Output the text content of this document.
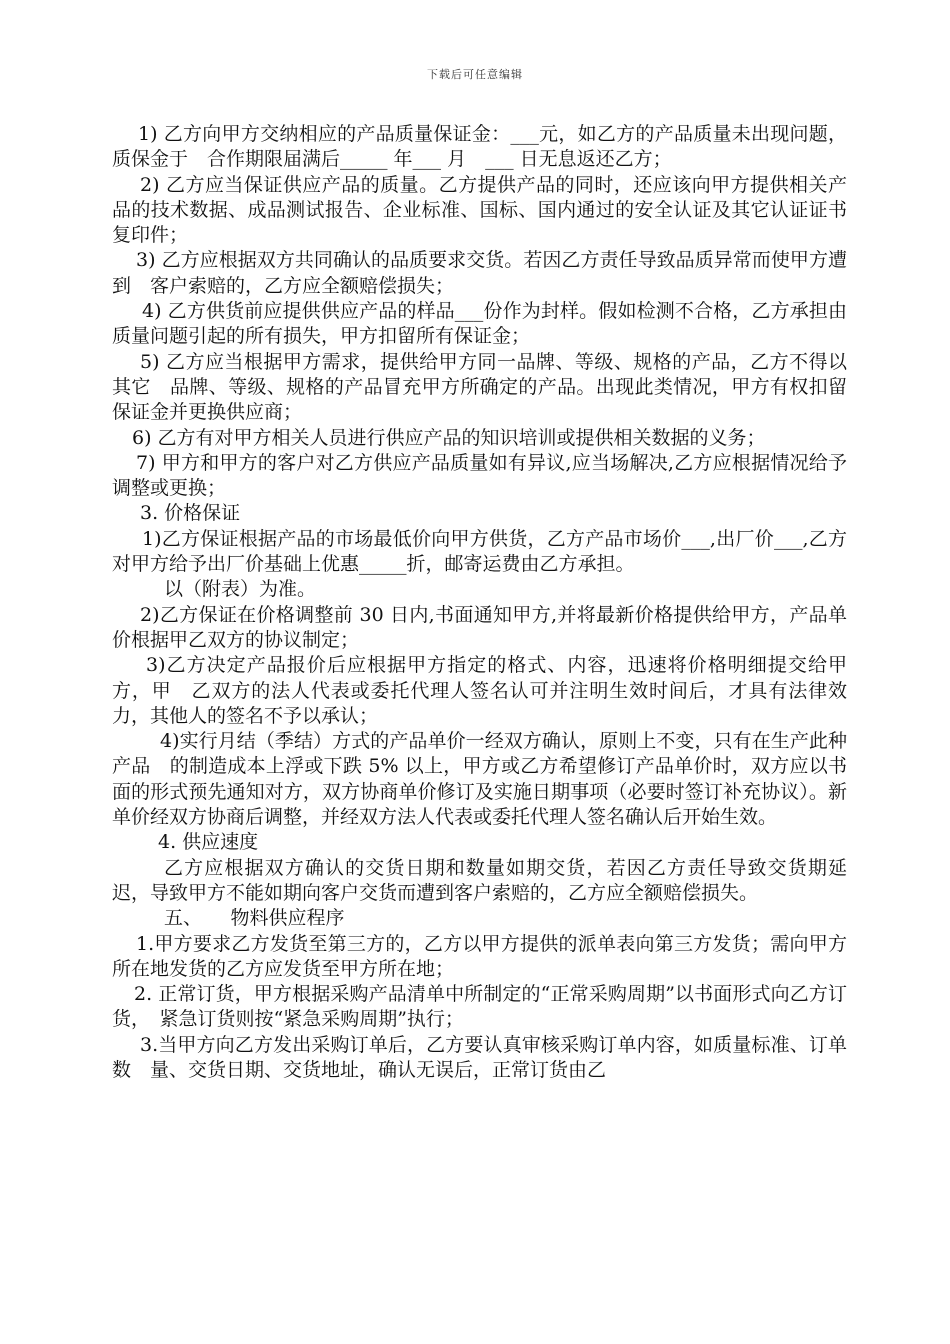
下载后可任意编辑

1) 乙方向甲方交纳相应的产品质量保证金：___元，如乙方的产品质量未出现问题，质保金于　合作期限届满后_____ 年___ 月　___ 日无息返还乙方；

2) 乙方应当保证供应产品的质量。乙方提供产品的同时，还应该向甲方提供相关产品的技术数据、成品测试报告、企业标准、国标、国内通过的安全认证及其它认证证书复印件；

3) 乙方应根据双方共同确认的品质要求交货。若因乙方责任导致品质异常而使甲方遭到　客户索赔的，乙方应全额赔偿损失；

4) 乙方供货前应提供供应产品的样品___份作为封样。假如检测不合格，乙方承担由质量问题引起的所有损失，甲方扣留所有保证金；

5) 乙方应当根据甲方需求，提供给甲方同一品牌、等级、规格的产品，乙方不得以其它　品牌、等级、规格的产品冒充甲方所确定的产品。出现此类情况，甲方有权扣留保证金并更换供应商；

6) 乙方有对甲方相关人员进行供应产品的知识培训或提供相关数据的义务；

7) 甲方和甲方的客户对乙方供应产品质量如有异议,应当场解决,乙方应根据情况给予调整或更换；

3. 价格保证

1)乙方保证根据产品的市场最低价向甲方供货，乙方产品市场价___,出厂价___,乙方对甲方给予出厂价基础上优惠_____折，邮寄运费由乙方承担。

以（附表）为准。

2)乙方保证在价格调整前 30 日内,书面通知甲方,并将最新价格提供给甲方，产品单价根据甲乙双方的协议制定；

3)乙方决定产品报价后应根据甲方指定的格式、内容，迅速将价格明细提交给甲方，甲　乙双方的法人代表或委托代理人签名认可并注明生效时间后，才具有法律效力，其他人的签名不予以承认；

4)实行月结（季结）方式的产品单价一经双方确认，原则上不变，只有在生产此种产品　的制造成本上浮或下跌 5% 以上，甲方或乙方希望修订产品单价时，双方应以书面的形式预先通知对方，双方协商单价修订及实施日期事项（必要时签订补充协议）。新单价经双方协商后调整，并经双方法人代表或委托代理人签名确认后开始生效。

4. 供应速度

乙方应根据双方确认的交货日期和数量如期交货，若因乙方责任导致交货期延迟，导致甲方不能如期向客户交货而遭到客户索赔的，乙方应全额赔偿损失。

五、　　物料供应程序

1.甲方要求乙方发货至第三方的，乙方以甲方提供的派单表向第三方发货；需向甲方所在地发货的乙方应发货至甲方所在地；

2. 正常订货，甲方根据采购产品清单中所制定的“正常采购周期”以书面形式向乙方订货，　紧急订货则按“紧急采购周期”执行；

3.当甲方向乙方发出采购订单后，乙方要认真审核采购订单内容，如质量标准、订单数　量、交货日期、交货地址，确认无误后，正常订货由乙
